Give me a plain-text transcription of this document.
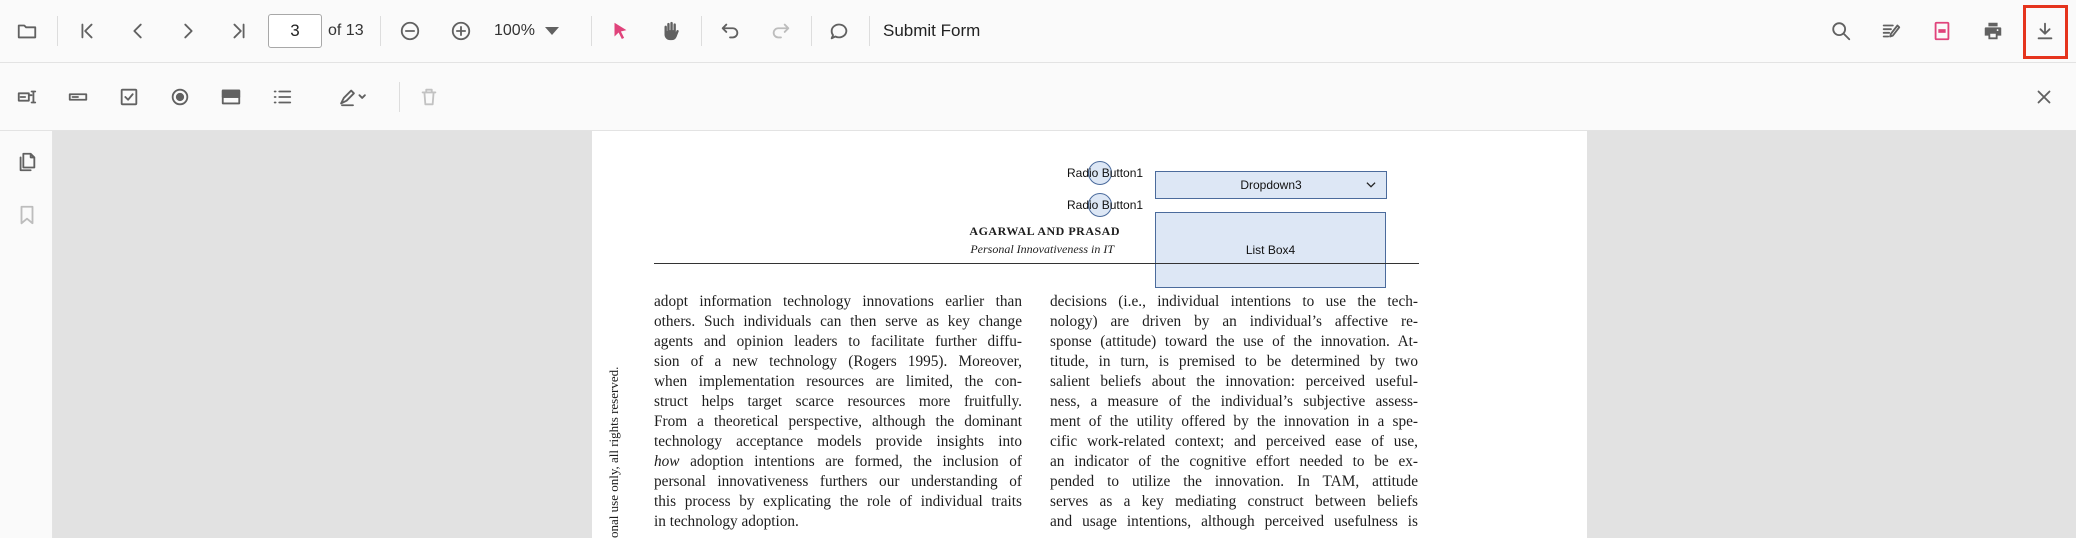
3
of 13	100%	Submit Form
Radio Button1
Radio Button1
Dropdown3
List Box4
AGARWAL AND PRASAD
Personal Innovativeness in IT

adopt information technology innovations earlier than

others. Such individuals can then serve as key change

agents and opinion leaders to facilitate further diffu-

sion of a new technology (Rogers 1995). Moreover,

when implementation resources are limited, the con-

struct helps target scarce resources more fruitfully.

From a theoretical perspective, although the dominant

technology acceptance models provide insights into

how adoption intentions are formed, the inclusion of

personal innovativeness furthers our understanding of

this process by explicating the role of individual traits

in technology adoption.

decisions (i.e., individual intentions to use the tech-

nology) are driven by an individual’s affective re-

sponse (attitude) toward the use of the innovation. At-

titude, in turn, is premised to be determined by two

salient beliefs about the innovation: perceived useful-

ness, a measure of the individual’s subjective assess-

ment of the utility offered by the innovation in a spe-

cific work-related context; and perceived ease of use,

an indicator of the cognitive effort needed to be ex-

pended to utilize the innovation. In TAM, attitude

serves as a key mediating construct between beliefs

and usage intentions, although perceived usefulness is

onal use only, all rights reserved.
